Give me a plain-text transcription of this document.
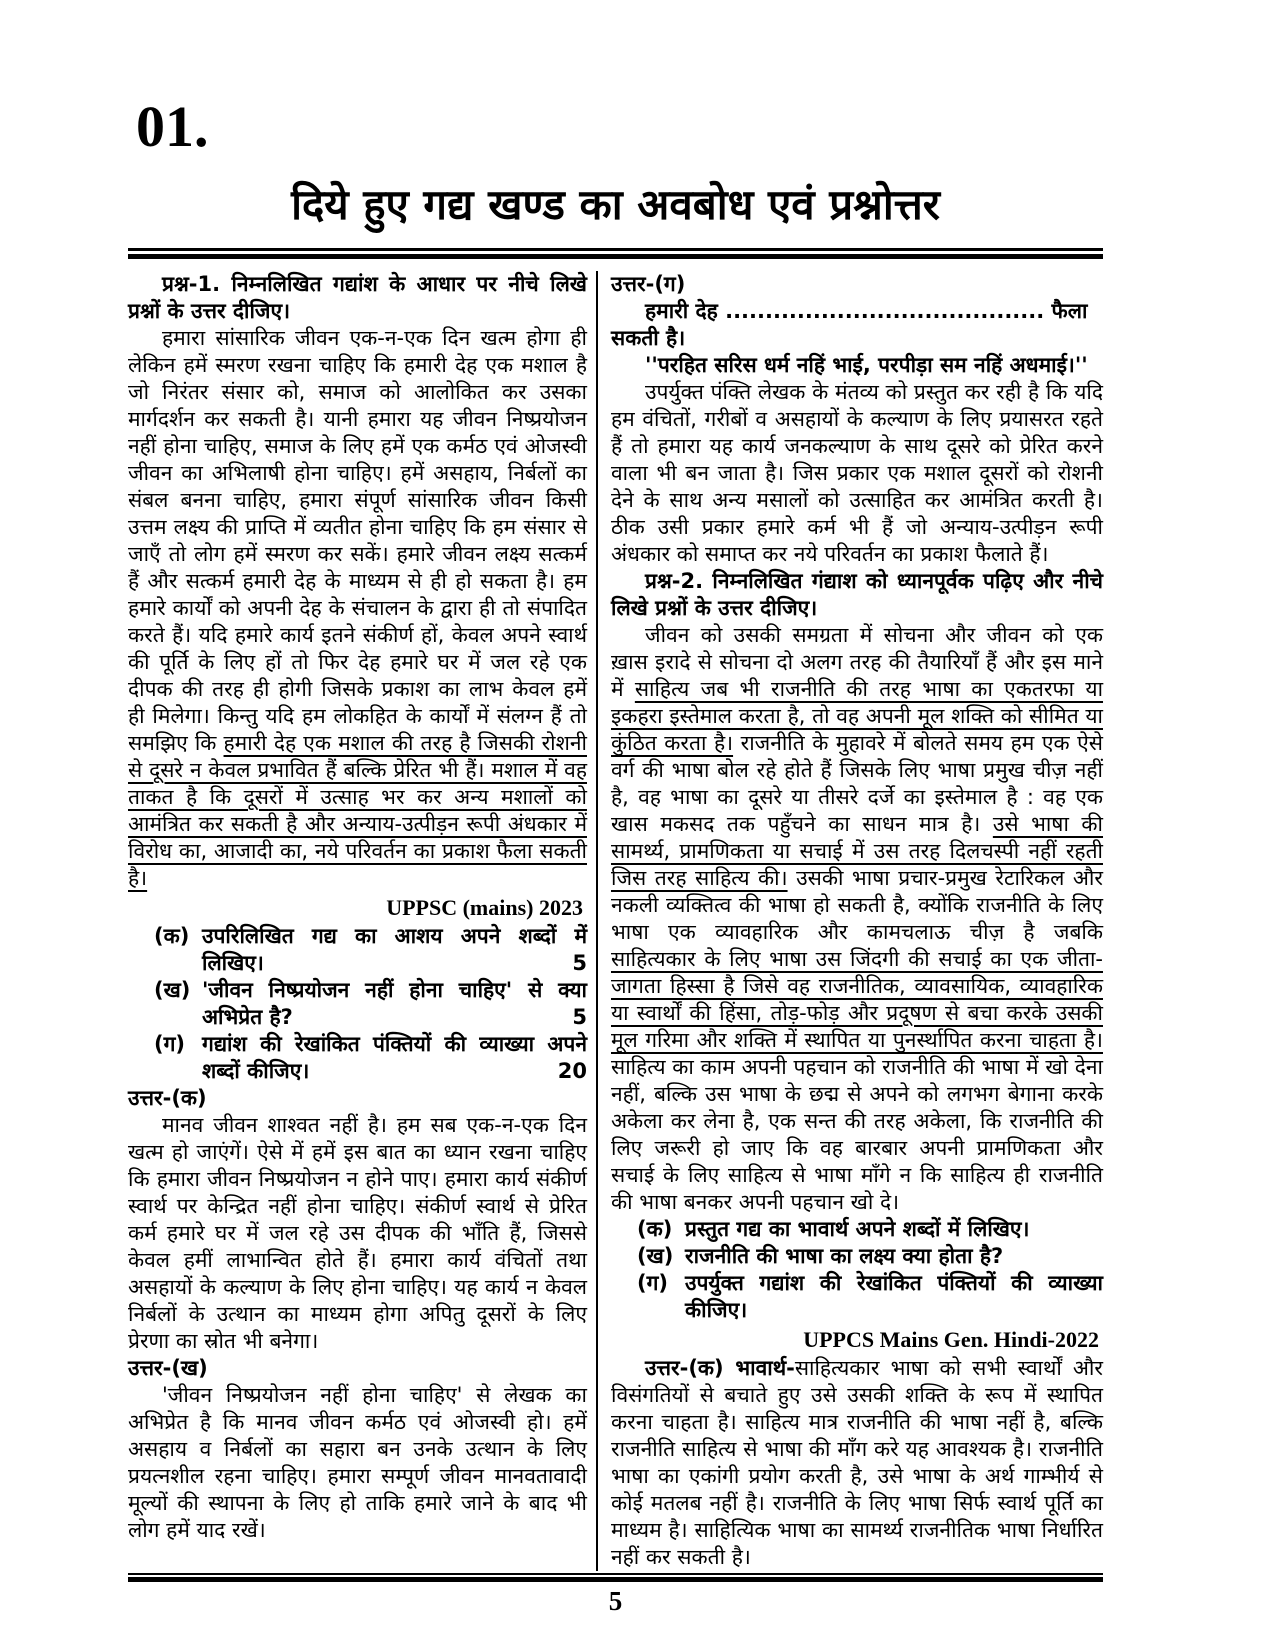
01.
दिये हुए गद्य खण्ड का अवबोध एवं प्रश्नोत्तर

प्रश्न-1. निम्नलिखित गद्यांश के आधार पर नीचे लिखे प्रश्नों के उत्तर दीजिए।

हमारा सांसारिक जीवन एक-न-एक दिन खत्म होगा ही लेकिन हमें स्मरण रखना चाहिए कि हमारी देह एक मशाल है जो निरंतर संसार को, समाज को आलोकित कर उसका मार्गदर्शन कर सकती है। यानी हमारा यह जीवन निष्प्रयोजन नहीं होना चाहिए, समाज के लिए हमें एक कर्मठ एवं ओजस्वी जीवन का अभिलाषी होना चाहिए। हमें असहाय, निर्बलों का संबल बनना चाहिए, हमारा संपूर्ण सांसारिक जीवन किसी उत्तम लक्ष्य की प्राप्ति में व्यतीत होना चाहिए कि हम संसार से जाएँ तो लोग हमें स्मरण कर सकें। हमारे जीवन लक्ष्य सत्कर्म हैं और सत्कर्म हमारी देह के माध्यम से ही हो सकता है। हम हमारे कार्यों को अपनी देह के संचालन के द्वारा ही तो संपादित करते हैं। यदि हमारे कार्य इतने संकीर्ण हों, केवल अपने स्वार्थ की पूर्ति के लिए हों तो फिर देह हमारे घर में जल रहे एक दीपक की तरह ही होगी जिसके प्रकाश का लाभ केवल हमें ही मिलेगा। किन्तु यदि हम लोकहित के कार्यों में संलग्न हैं तो समझिए कि हमारी देह एक मशाल की तरह है जिसकी रोशनी से दूसरे न केवल प्रभावित हैं बल्कि प्रेरित भी हैं। मशाल में वह ताकत है कि दूसरों में उत्साह भर कर अन्य मशालों को आमंत्रित कर सकती है और अन्याय-उत्पीड़न रूपी अंधकार में विरोध का, आजादी का, नये परिवर्तन का प्रकाश फैला सकती है।

UPPSC (mains) 2023
(क) उपरिलिखित गद्य का आशय अपने शब्दों में लिखिए।	5
(ख) 'जीवन निष्प्रयोजन नहीं होना चाहिए' से क्या अभिप्रेत है?	5
(ग) गद्यांश की रेखांकित पंक्तियों की व्याख्या अपने शब्दों कीजिए।	20

उत्तर-(क)

मानव जीवन शाश्वत नहीं है। हम सब एक-न-एक दिन खत्म हो जाएंगें। ऐसे में हमें इस बात का ध्यान रखना चाहिए कि हमारा जीवन निष्प्रयोजन न होने पाए। हमारा कार्य संकीर्ण स्वार्थ पर केन्द्रित नहीं होना चाहिए। संकीर्ण स्वार्थ से प्रेरित कर्म हमारे घर में जल रहे उस दीपक की भाँति हैं, जिससे केवल हमीं लाभान्वित होते हैं। हमारा कार्य वंचितों तथा असहायों के कल्याण के लिए होना चाहिए। यह कार्य न केवल निर्बलों के उत्थान का माध्यम होगा अपितु दूसरों के लिए प्रेरणा का स्रोत भी बनेगा।

उत्तर-(ख)

'जीवन निष्प्रयोजन नहीं होना चाहिए' से लेखक का अभिप्रेत है कि मानव जीवन कर्मठ एवं ओजस्वी हो। हमें असहाय व निर्बलों का सहारा बन उनके उत्थान के लिए प्रयत्नशील रहना चाहिए। हमारा सम्पूर्ण जीवन मानवतावादी मूल्यों की स्थापना के लिए हो ताकि हमारे जाने के बाद भी लोग हमें याद रखें।

उत्तर-(ग)

हमारी देह ........................................ फैला सकती है।

''परहित सरिस धर्म नहिं भाई, परपीड़ा सम नहिं अधमाई।''

उपर्युक्त पंक्ति लेखक के मंतव्य को प्रस्तुत कर रही है कि यदि हम वंचितों, गरीबों व असहायों के कल्याण के लिए प्रयासरत रहते हैं तो हमारा यह कार्य जनकल्याण के साथ दूसरे को प्रेरित करने वाला भी बन जाता है। जिस प्रकार एक मशाल दूसरों को रोशनी देने के साथ अन्य मसालों को उत्साहित कर आमंत्रित करती है। ठीक उसी प्रकार हमारे कर्म भी हैं जो अन्याय-उत्पीड़न रूपी अंधकार को समाप्त कर नये परिवर्तन का प्रकाश फैलाते हैं।

प्रश्न-2. निम्नलिखित गंद्याश को ध्यानपूर्वक पढ़िए और नीचे लिखे प्रश्नों के उत्तर दीजिए।

जीवन को उसकी समग्रता में सोचना और जीवन को एक ख़ास इरादे से सोचना दो अलग तरह की तैयारियाँ हैं और इस माने में साहित्य जब भी राजनीति की तरह भाषा का एकतरफा या इकहरा इस्तेमाल करता है, तो वह अपनी मूल शक्ति को सीमित या कुंठित करता है। राजनीति के मुहावरे में बोलते समय हम एक ऐसे वर्ग की भाषा बोल रहे होते हैं जिसके लिए भाषा प्रमुख चीज़ नहीं है, वह भाषा का दूसरे या तीसरे दर्जे का इस्तेमाल है : वह एक खास मकसद तक पहुँचने का साधन मात्र है। उसे भाषा की सामर्थ्य, प्रामणिकता या सचाई में उस तरह दिलचस्पी नहीं रहती जिस तरह साहित्य की। उसकी भाषा प्रचार-प्रमुख रेटारिकल और नकली व्यक्तित्व की भाषा हो सकती है, क्योंकि राजनीति के लिए भाषा एक व्यावहारिक और कामचलाऊ चीज़ है जबकि साहित्यकार के लिए भाषा उस जिंदगी की सचाई का एक जीता-जागता हिस्सा है जिसे वह राजनीतिक, व्यावसायिक, व्यावहारिक या स्वार्थों की हिंसा, तोड़-फोड़ और प्रदूषण से बचा करके उसकी मूल गरिमा और शक्ति में स्थापित या पुनर्स्थापित करना चाहता है। साहित्य का काम अपनी पहचान को राजनीति की भाषा में खो देना नहीं, बल्कि उस भाषा के छद्म से अपने को लगभग बेगाना करके अकेला कर लेना है, एक सन्त की तरह अकेला, कि राजनीति की लिए जरूरी हो जाए कि वह बारबार अपनी प्रामणिकता और सचाई के लिए साहित्य से भाषा माँगे न कि साहित्य ही राजनीति की भाषा बनकर अपनी पहचान खो दे।

(क) प्रस्तुत गद्य का भावार्थ अपने शब्दों में लिखिए।
(ख) राजनीति की भाषा का लक्ष्य क्या होता है?
(ग) उपर्युक्त गद्यांश की रेखांकित पंक्तियों की व्याख्या कीजिए।
UPPCS Mains Gen. Hindi-2022

उत्तर-(क) भावार्थ-साहित्यकार भाषा को सभी स्वार्थों और विसंगतियों से बचाते हुए उसे उसकी शक्ति के रूप में स्थापित करना चाहता है। साहित्य मात्र राजनीति की भाषा नहीं है, बल्कि राजनीति साहित्य से भाषा की माँग करे यह आवश्यक है। राजनीति भाषा का एकांगी प्रयोग करती है, उसे भाषा के अर्थ गाम्भीर्य से कोई मतलब नहीं है। राजनीति के लिए भाषा सिर्फ स्वार्थ पूर्ति का माध्यम है। साहित्यिक भाषा का सामर्थ्य राजनीतिक भाषा निर्धारित नहीं कर सकती है।

5
